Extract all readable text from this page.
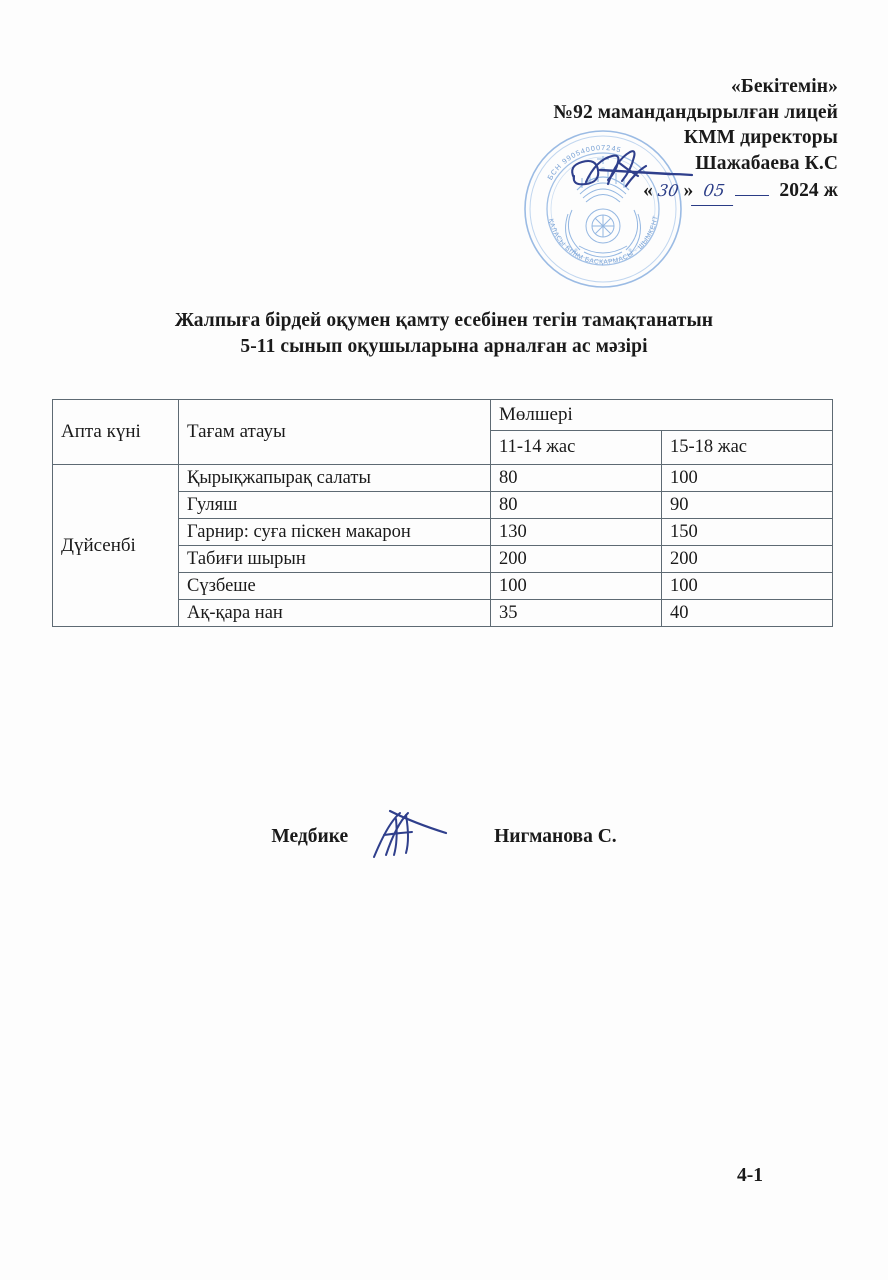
БСН 990540007245
ҚАЛАСЫ БІЛІМ БАСҚАРМАСЫ · ШЫМКЕНТ
«Бекітемін»
№92 мамандандырылған лицей
КММ директоры
Шажабаева К.С
« 30 » 05	2024 ж
Жалпыға бірдей оқумен қамту есебінен тегін тамақтанатын
5-11 сынып оқушыларына арналған ас мәзірі
Апта күні	Тағам атауы	Мөлшері	
		11-14 жас	15-18 жас
Дүйсенбі	Қырықжапырақ салаты	80	100
	Гуляш	80	90
	Гарнир: суға піскен макарон	130	150
	Табиғи шырын	200	200
	Сүзбеше	100	100
	Ақ-қара нан	35	40
Медбике	Нигманова С.
4-1
